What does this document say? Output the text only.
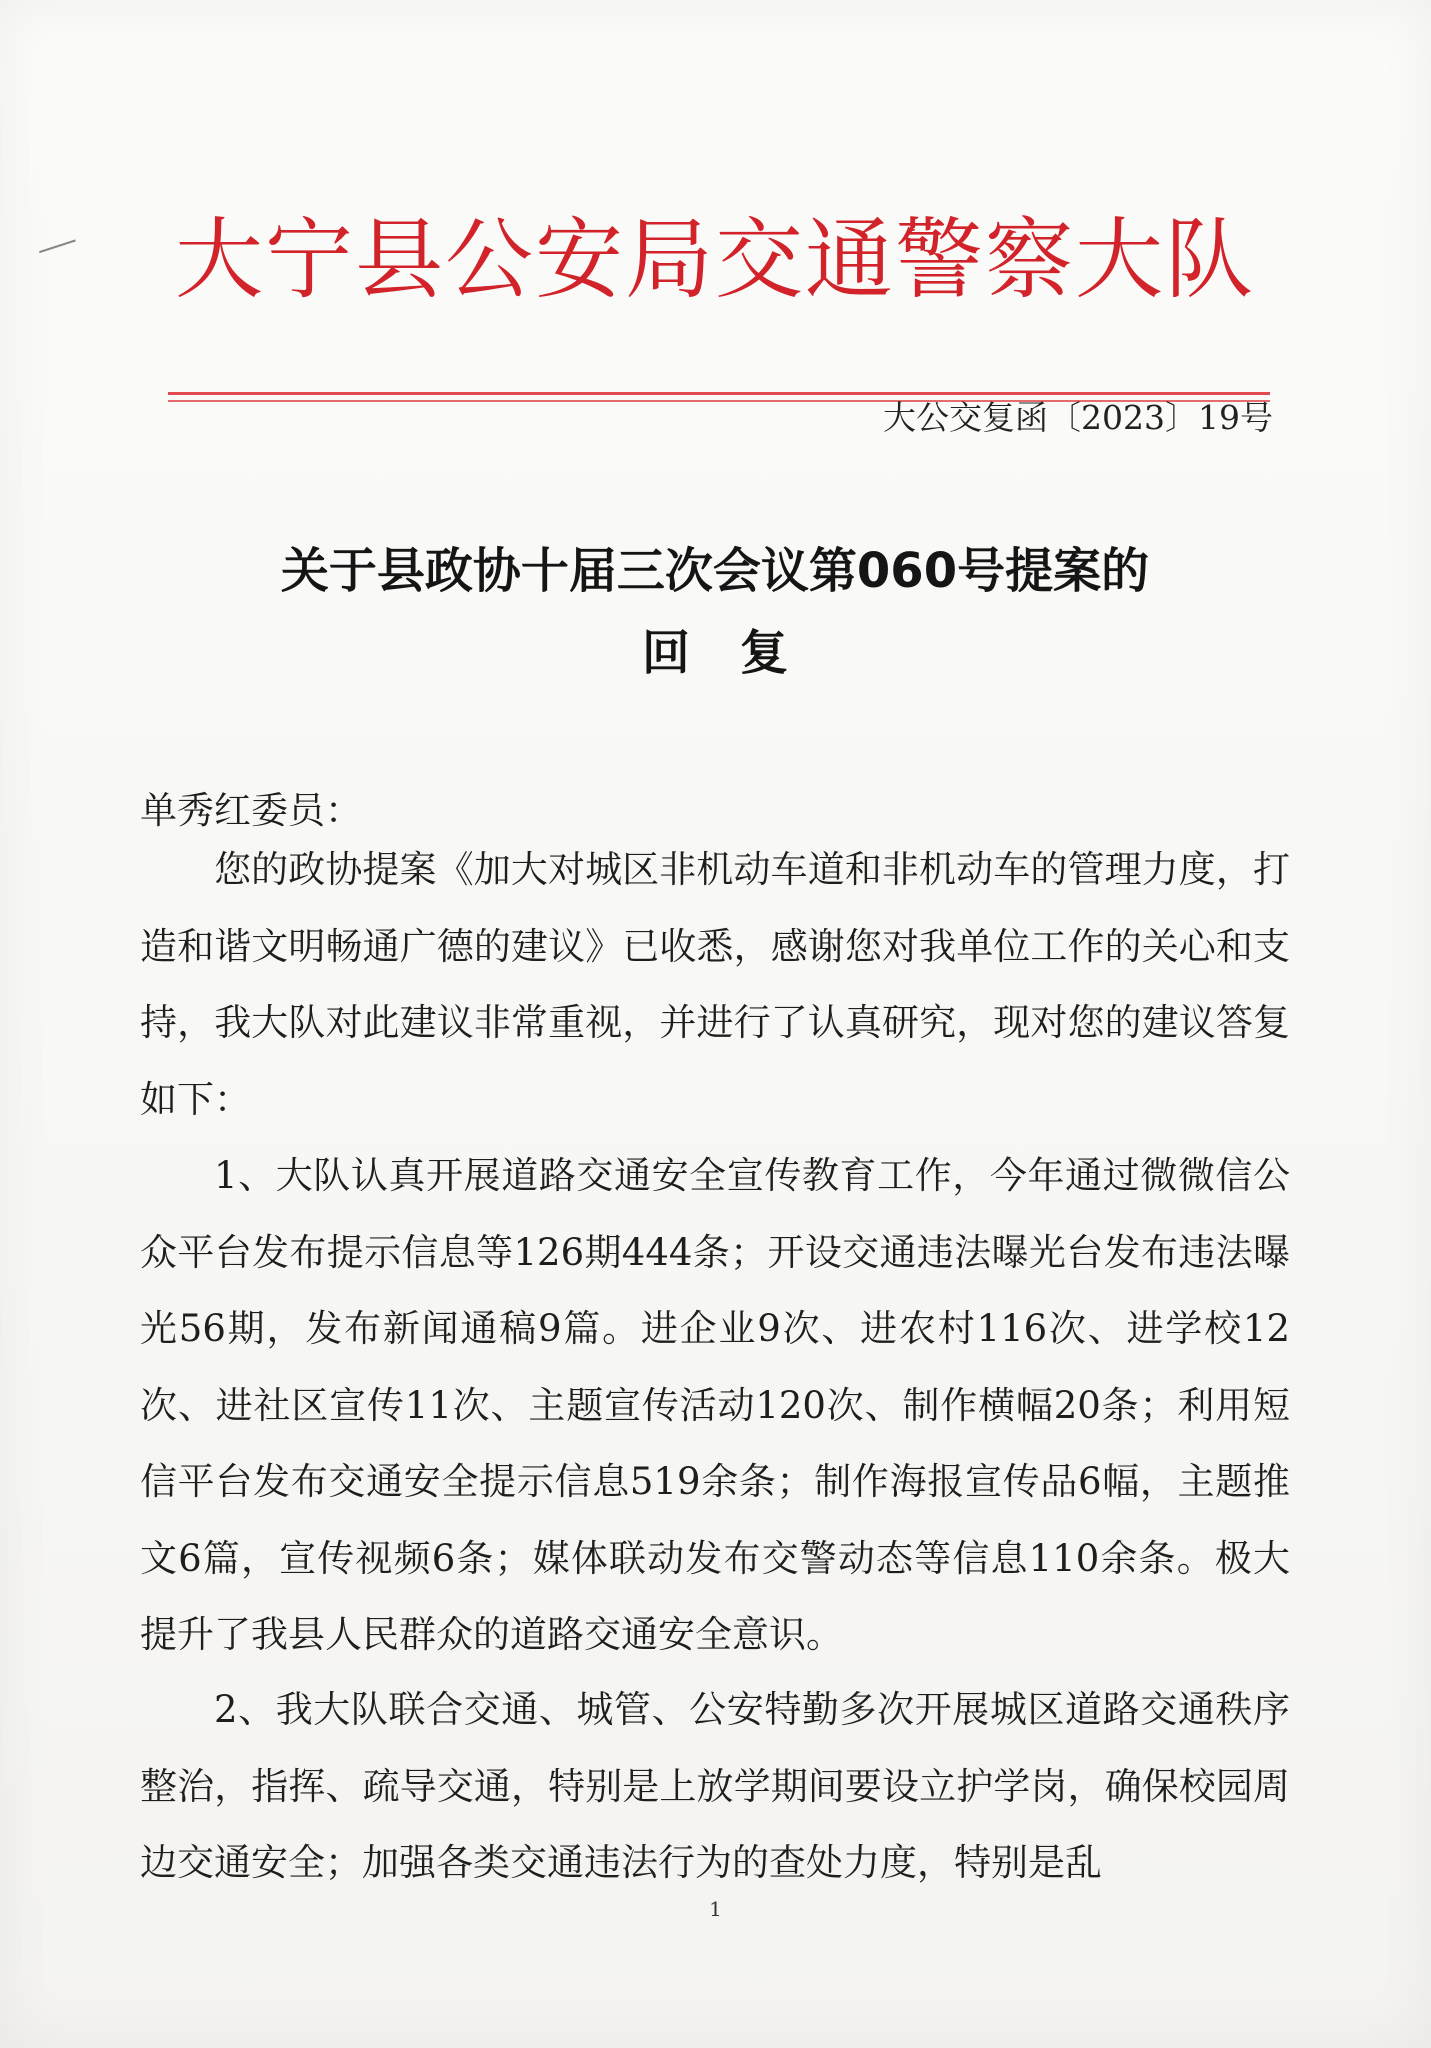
大宁县公安局交通警察大队
大公交复函〔2023〕19号
关于县政协十届三次会议第060号提案的
回复
单秀红委员：

您的政协提案《加大对城区非机动车道和非机动车的管理力度，打造和谐文明畅通广德的建议》已收悉，感谢您对我单位工作的关心和支持，我大队对此建议非常重视，并进行了认真研究，现对您的建议答复如下：

1、大队认真开展道路交通安全宣传教育工作，今年通过微微信公众平台发布提示信息等126期444条；开设交通违法曝光台发布违法曝光56期，发布新闻通稿9篇。进企业9次、进农村116次、进学校12次、进社区宣传11次、主题宣传活动120次、制作横幅20条；利用短信平台发布交通安全提示信息519余条；制作海报宣传品6幅，主题推文6篇，宣传视频6条；媒体联动发布交警动态等信息110余条。极大提升了我县人民群众的道路交通安全意识。

2、我大队联合交通、城管、公安特勤多次开展城区道路交通秩序整治，指挥、疏导交通，特别是上放学期间要设立护学岗，确保校园周边交通安全；加强各类交通违法行为的查处力度，特别是乱

1
